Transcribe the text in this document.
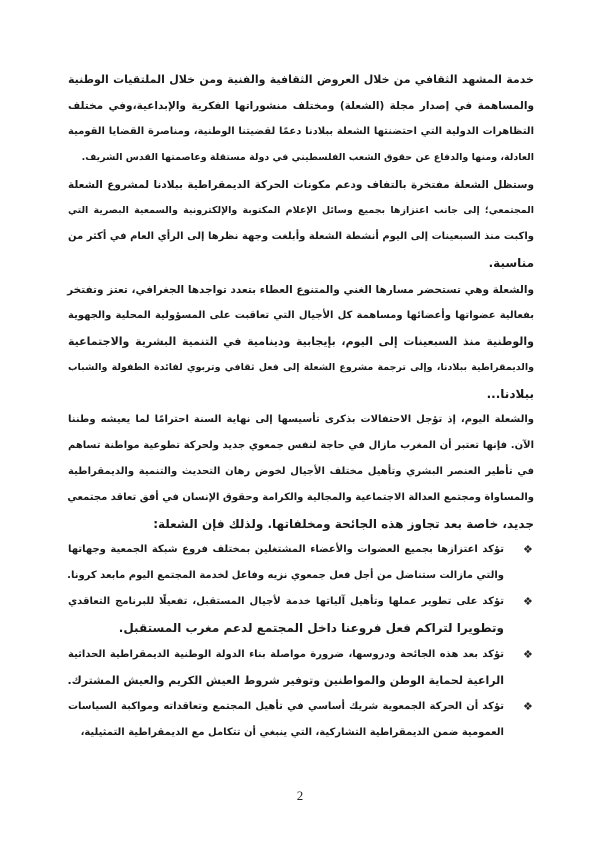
2
خدمة المشهد الثقافي من خلال العروض الثقافية والفنية ومن خلال الملتقيات الوطنية
والمساهمة في إصدار مجلة (الشعلة) ومختلف منشوراتها الفكرية والإبداعية،وفي مختلف
التظاهرات الدولية التي احتضنتها الشعلة ببلادنا دعمًا لقضيتنا الوطنية، ومناصرة القضايا القومية
العادلة، ومنها والدفاع عن حقوق الشعب الفلسطيني في دولة مستقلة وعاصمتها القدس الشريف.
وستظل الشعلة مفتخرة بالتفاف ودعم مكونات الحركة الديمقراطية ببلادنا لمشروع الشعلة
المجتمعي؛ إلى جانب اعتزازها بجميع وسائل الإعلام المكتوبة والإلكترونية والسمعية البصرية التي
واكبت منذ السبعينات إلى اليوم أنشطة الشعلة وأبلغت وجهة نظرها إلى الرأي العام في أكثر من
مناسبة.
والشعلة وهي تستحضر مسارها الغني والمتنوع العطاء بتعدد تواجدها الجغرافي، تعتز وتفتخر
بفعالية عضواتها وأعضائها ومساهمة كل الأجيال التي تعاقبت على المسؤولية المحلية والجهوية
والوطنية منذ السبعينات إلى اليوم، بإيجابية ودينامية في التنمية البشرية والاجتماعية
والديمقراطية ببلادنا، وإلى ترجمة مشروع الشعلة إلى فعل ثقافي وتربوي لفائدة الطفولة والشباب
ببلادنا...
والشعلة اليوم، إذ تؤجل الاحتفالات بذكرى تأسيسها إلى نهاية السنة احترامًا لما يعيشه وطننا
الآن. فإنها تعتبر أن المغرب مازال في حاجة لنفس جمعوي جديد ولحركة تطوعية مواطنة تساهم
في تأطير العنصر البشري وتأهيل مختلف الأجيال لخوض رهان التحديث والتنمية والديمقراطية
والمساواة ومجتمع العدالة الاجتماعية والمجالية والكرامة وحقوق الإنسان في أفق تعاقد مجتمعي
جديد، خاصة بعد تجاوز هذه الجائحة ومخلفاتها. ولذلك فإن الشعلة:
❖
تؤكد اعتزازها بجميع العضوات والأعضاء المشتغلين بمختلف فروع شبكة الجمعية وجهاتها
والتي مازالت ستناضل من أجل فعل جمعوي نزيه وفاعل لخدمة المجتمع اليوم مابعد كرونا.
❖
تؤكد على تطوير عملها وتأهيل آلياتها خدمة لأجيال المستقبل، تفعيلًا للبرنامج التعاقدي
وتطويرا لتراكم فعل فروعنا داخل المجتمع لدعم مغرب المستقبل.
❖
تؤكد بعد هذه الجائحة ودروسها، ضرورة مواصلة بناء الدولة الوطنية الديمقراطية الحداثية
الراعية لحماية الوطن والمواطنين وتوفير شروط العيش الكريم والعيش المشترك.
❖
تؤكد أن الحركة الجمعوية شريك أساسي في تأهيل المجتمع وتعاقداته ومواكبة السياسات
العمومية ضمن الديمقراطية التشاركية، التي ينبغي أن تتكامل مع الديمقراطية التمثيلية،
